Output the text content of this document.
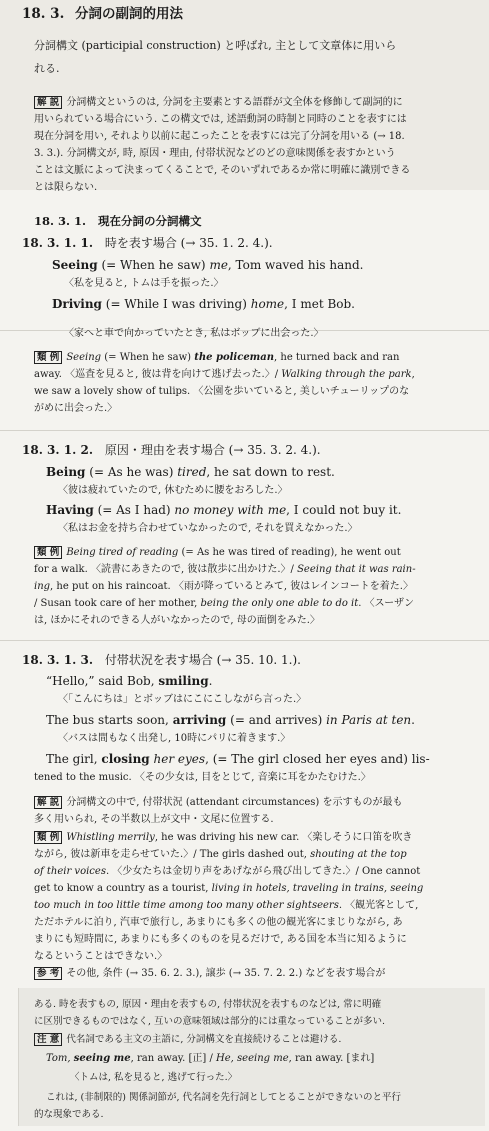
18. 3. 分詞の副詞的用法
分詞構文 (participial construction) と呼ばれ, 主として文章体に用いら
れる.
解 説 分詞構文というのは, 分詞を主要素とする語群が文全体を修飾して副詞的に
用いられている場合にいう. この構文では, 述語動詞の時制と同時のことを表すには
現在分詞を用い, それより以前に起こったことを表すには完了分詞を用いる (→ 18.
3. 3.). 分詞構文が, 時, 原因・理由, 付帯状況などのどの意味関係を表すかという
ことは文脈によって決まってくることで, そのいずれであるか常に明確に識別できる
とは限らない.
18. 3. 1. 現在分詞の分詞構文
18. 3. 1. 1. 時を表す場合 (→ 35. 1. 2. 4.).
Seeing (= When he saw) me, Tom waved his hand.
〈私を見ると, トムは手を振った.〉
Driving (= While I was driving) home, I met Bob.
〈家へと車で向かっていたとき, 私はボッブに出会った.〉
類 例 Seeing (= When he saw) the policeman, he turned back and ran
away. 〈巡査を見ると, 彼は背を向けて逃げ去った.〉/ Walking through the park,
we saw a lovely show of tulips. 〈公園を歩いていると, 美しいチューリップのな
がめに出会った.〉
18. 3. 1. 2. 原因・理由を表す場合 (→ 35. 3. 2. 4.).
Being (= As he was) tired, he sat down to rest.
〈彼は疲れていたので, 休むために腰をおろした.〉
Having (= As I had) no money with me, I could not buy it.
〈私はお金を持ち合わせていなかったので, それを買えなかった.〉
類 例 Being tired of reading (= As he was tired of reading), he went out
for a walk. 〈読書にあきたので, 彼は散歩に出かけた.〉/ Seeing that it was rain-
ing, he put on his raincoat. 〈雨が降っているとみて, 彼はレインコートを着た.〉
/ Susan took care of her mother, being the only one able to do it. 〈スーザン
は, ほかにそれのできる人がいなかったので, 母の面倒をみた.〉
18. 3. 1. 3. 付帯状況を表す場合 (→ 35. 10. 1.).
“Hello,” said Bob, smiling.
〈「こんにちは」とボッブはにこにこしながら言った.〉
The bus starts soon, arriving (= and arrives) in Paris at ten.
〈バスは間もなく出発し, 10時にパリに着きます.〉
The girl, closing her eyes, (= The girl closed her eyes and) lis-
tened to the music. 〈その少女は, 目をとじて, 音楽に耳をかたむけた.〉
解 説 分詞構文の中で, 付帯状況 (attendant circumstances) を示すものが最も
多く用いられ, その半数以上が文中・文尾に位置する.
類 例 Whistling merrily, he was driving his new car. 〈楽しそうに口笛を吹き
ながら, 彼は新車を走らせていた.〉/ The girls dashed out, shouting at the top
of their voices. 〈少女たちは金切り声をあげながら飛び出してきた.〉/ One cannot
get to know a country as a tourist, living in hotels, traveling in trains, seeing
too much in too little time among too many other sightseers. 〈観光客として,
ただホテルに泊り, 汽車で旅行し, あまりにも多くの他の観光客にまじりながら, あ
まりにも短時間に, あまりにも多くのものを見るだけで, ある国を本当に知るように
なるということはできない.〉
参 考 その他, 条件 (→ 35. 6. 2. 3.), 譲歩 (→ 35. 7. 2. 2.) などを表す場合が
ある. 時を表すもの, 原因・理由を表すもの, 付帯状況を表すものなどは, 常に明確
に区別できるものではなく, 互いの意味領域は部分的には重なっていることが多い.
注 意 代名詞である主文の主語に, 分詞構文を直接続けることは避ける.
Tom, seeing me, ran away. [正] / He, seeing me, ran away. [まれ]
〈トムは, 私を見ると, 逃げて行った.〉
これは, (非制限的) 関係詞節が, 代名詞を先行詞としてとることができないのと平行
的な現象である.
